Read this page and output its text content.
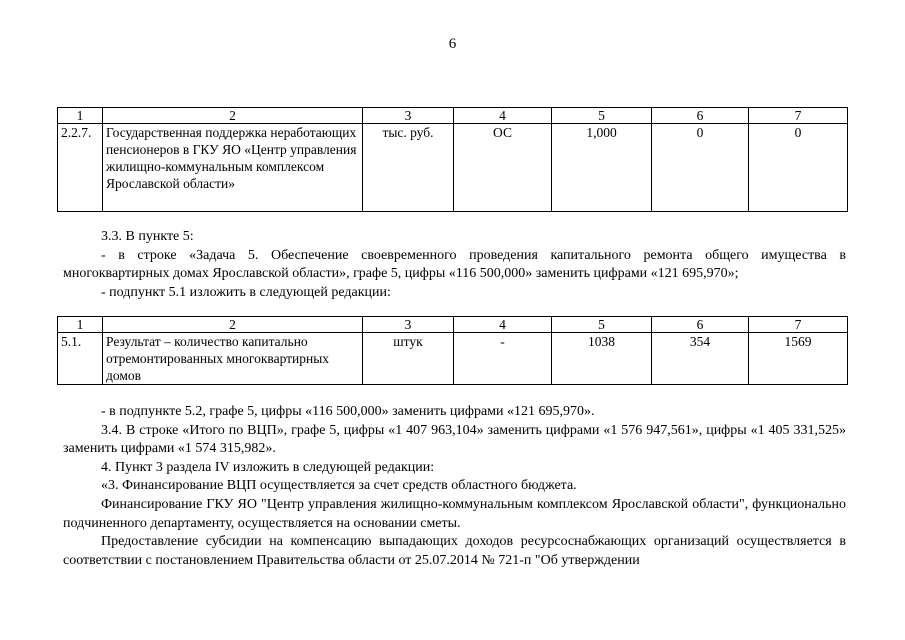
6
1	2	3	4	5	6	7
2.2.7.	Государственная поддержка неработающих пенсионеров в ГКУ ЯО «Центр управления жилищно-коммунальным комплексом Ярославской области»	тыс. руб.	ОС	1,000	0	0

3.3. В пункте 5:

- в строке «Задача 5. Обеспечение своевременного проведения капитального ремонта общего имущества в многоквартирных домах Ярославской области», графе 5, цифры «116 500,000» заменить цифрами «121 695,970»;

- подпункт 5.1 изложить в следующей редакции:

1	2	3	4	5	6	7
5.1.	Результат – количество капитально отремонтированных многоквартирных домов	штук	-	1038	354	1569

- в подпункте 5.2, графе 5, цифры «116 500,000» заменить цифрами «121 695,970».

3.4. В строке «Итого по ВЦП», графе 5, цифры «1 407 963,104» заменить цифрами «1 576 947,561», цифры «1 405 331,525» заменить цифрами «1 574 315,982».

4. Пункт 3 раздела IV изложить в следующей редакции:

«3. Финансирование ВЦП осуществляется за счет средств областного бюджета.

Финансирование ГКУ ЯО "Центр управления жилищно-коммунальным комплексом Ярославской области", функционально подчиненного департаменту, осуществляется на основании сметы.

Предоставление субсидии на компенсацию выпадающих доходов ресурсоснабжающих организаций осуществляется в соответствии с постановлением Правительства области от 25.07.2014 № 721-п "Об утверждении
